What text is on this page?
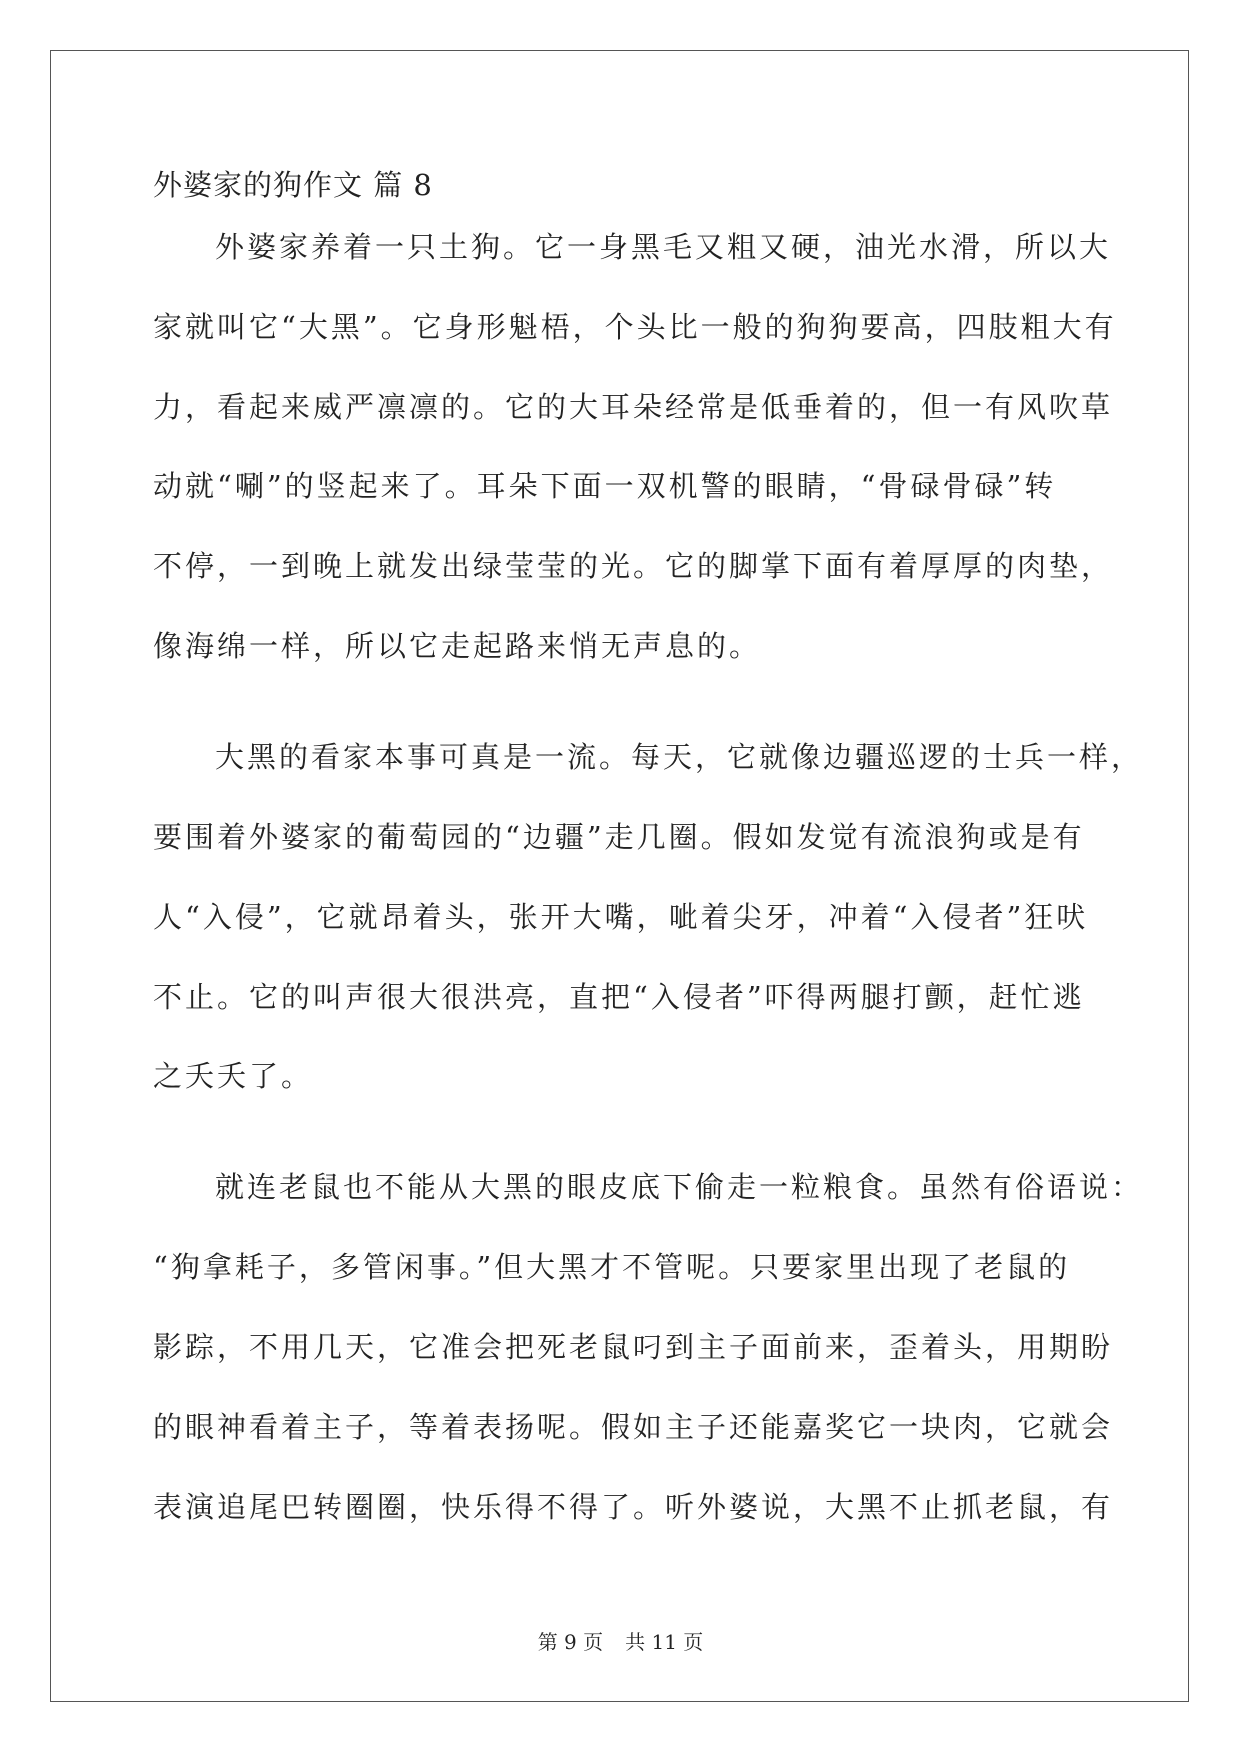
外婆家的狗作文 篇 8
外婆家养着一只土狗。它一身黑毛又粗又硬，油光水滑，所以大
家就叫它“大黑”。它身形魁梧，个头比一般的狗狗要高，四肢粗大有
力，看起来威严凛凛的。它的大耳朵经常是低垂着的，但一有风吹草
动就“唰”的竖起来了。耳朵下面一双机警的眼睛，“骨碌骨碌”转
不停，一到晚上就发出绿莹莹的光。它的脚掌下面有着厚厚的肉垫，
像海绵一样，所以它走起路来悄无声息的。
大黑的看家本事可真是一流。每天，它就像边疆巡逻的士兵一样，
要围着外婆家的葡萄园的“边疆”走几圈。假如发觉有流浪狗或是有
人“入侵”，它就昂着头，张开大嘴，呲着尖牙，冲着“入侵者”狂吠
不止。它的叫声很大很洪亮，直把“入侵者”吓得两腿打颤，赶忙逃
之夭夭了。
就连老鼠也不能从大黑的眼皮底下偷走一粒粮食。虽然有俗语说：
“狗拿耗子，多管闲事。”但大黑才不管呢。只要家里出现了老鼠的
影踪，不用几天，它准会把死老鼠叼到主子面前来，歪着头，用期盼
的眼神看着主子，等着表扬呢。假如主子还能嘉奖它一块肉，它就会
表演追尾巴转圈圈，快乐得不得了。听外婆说，大黑不止抓老鼠，有
第 9 页 共 11 页
